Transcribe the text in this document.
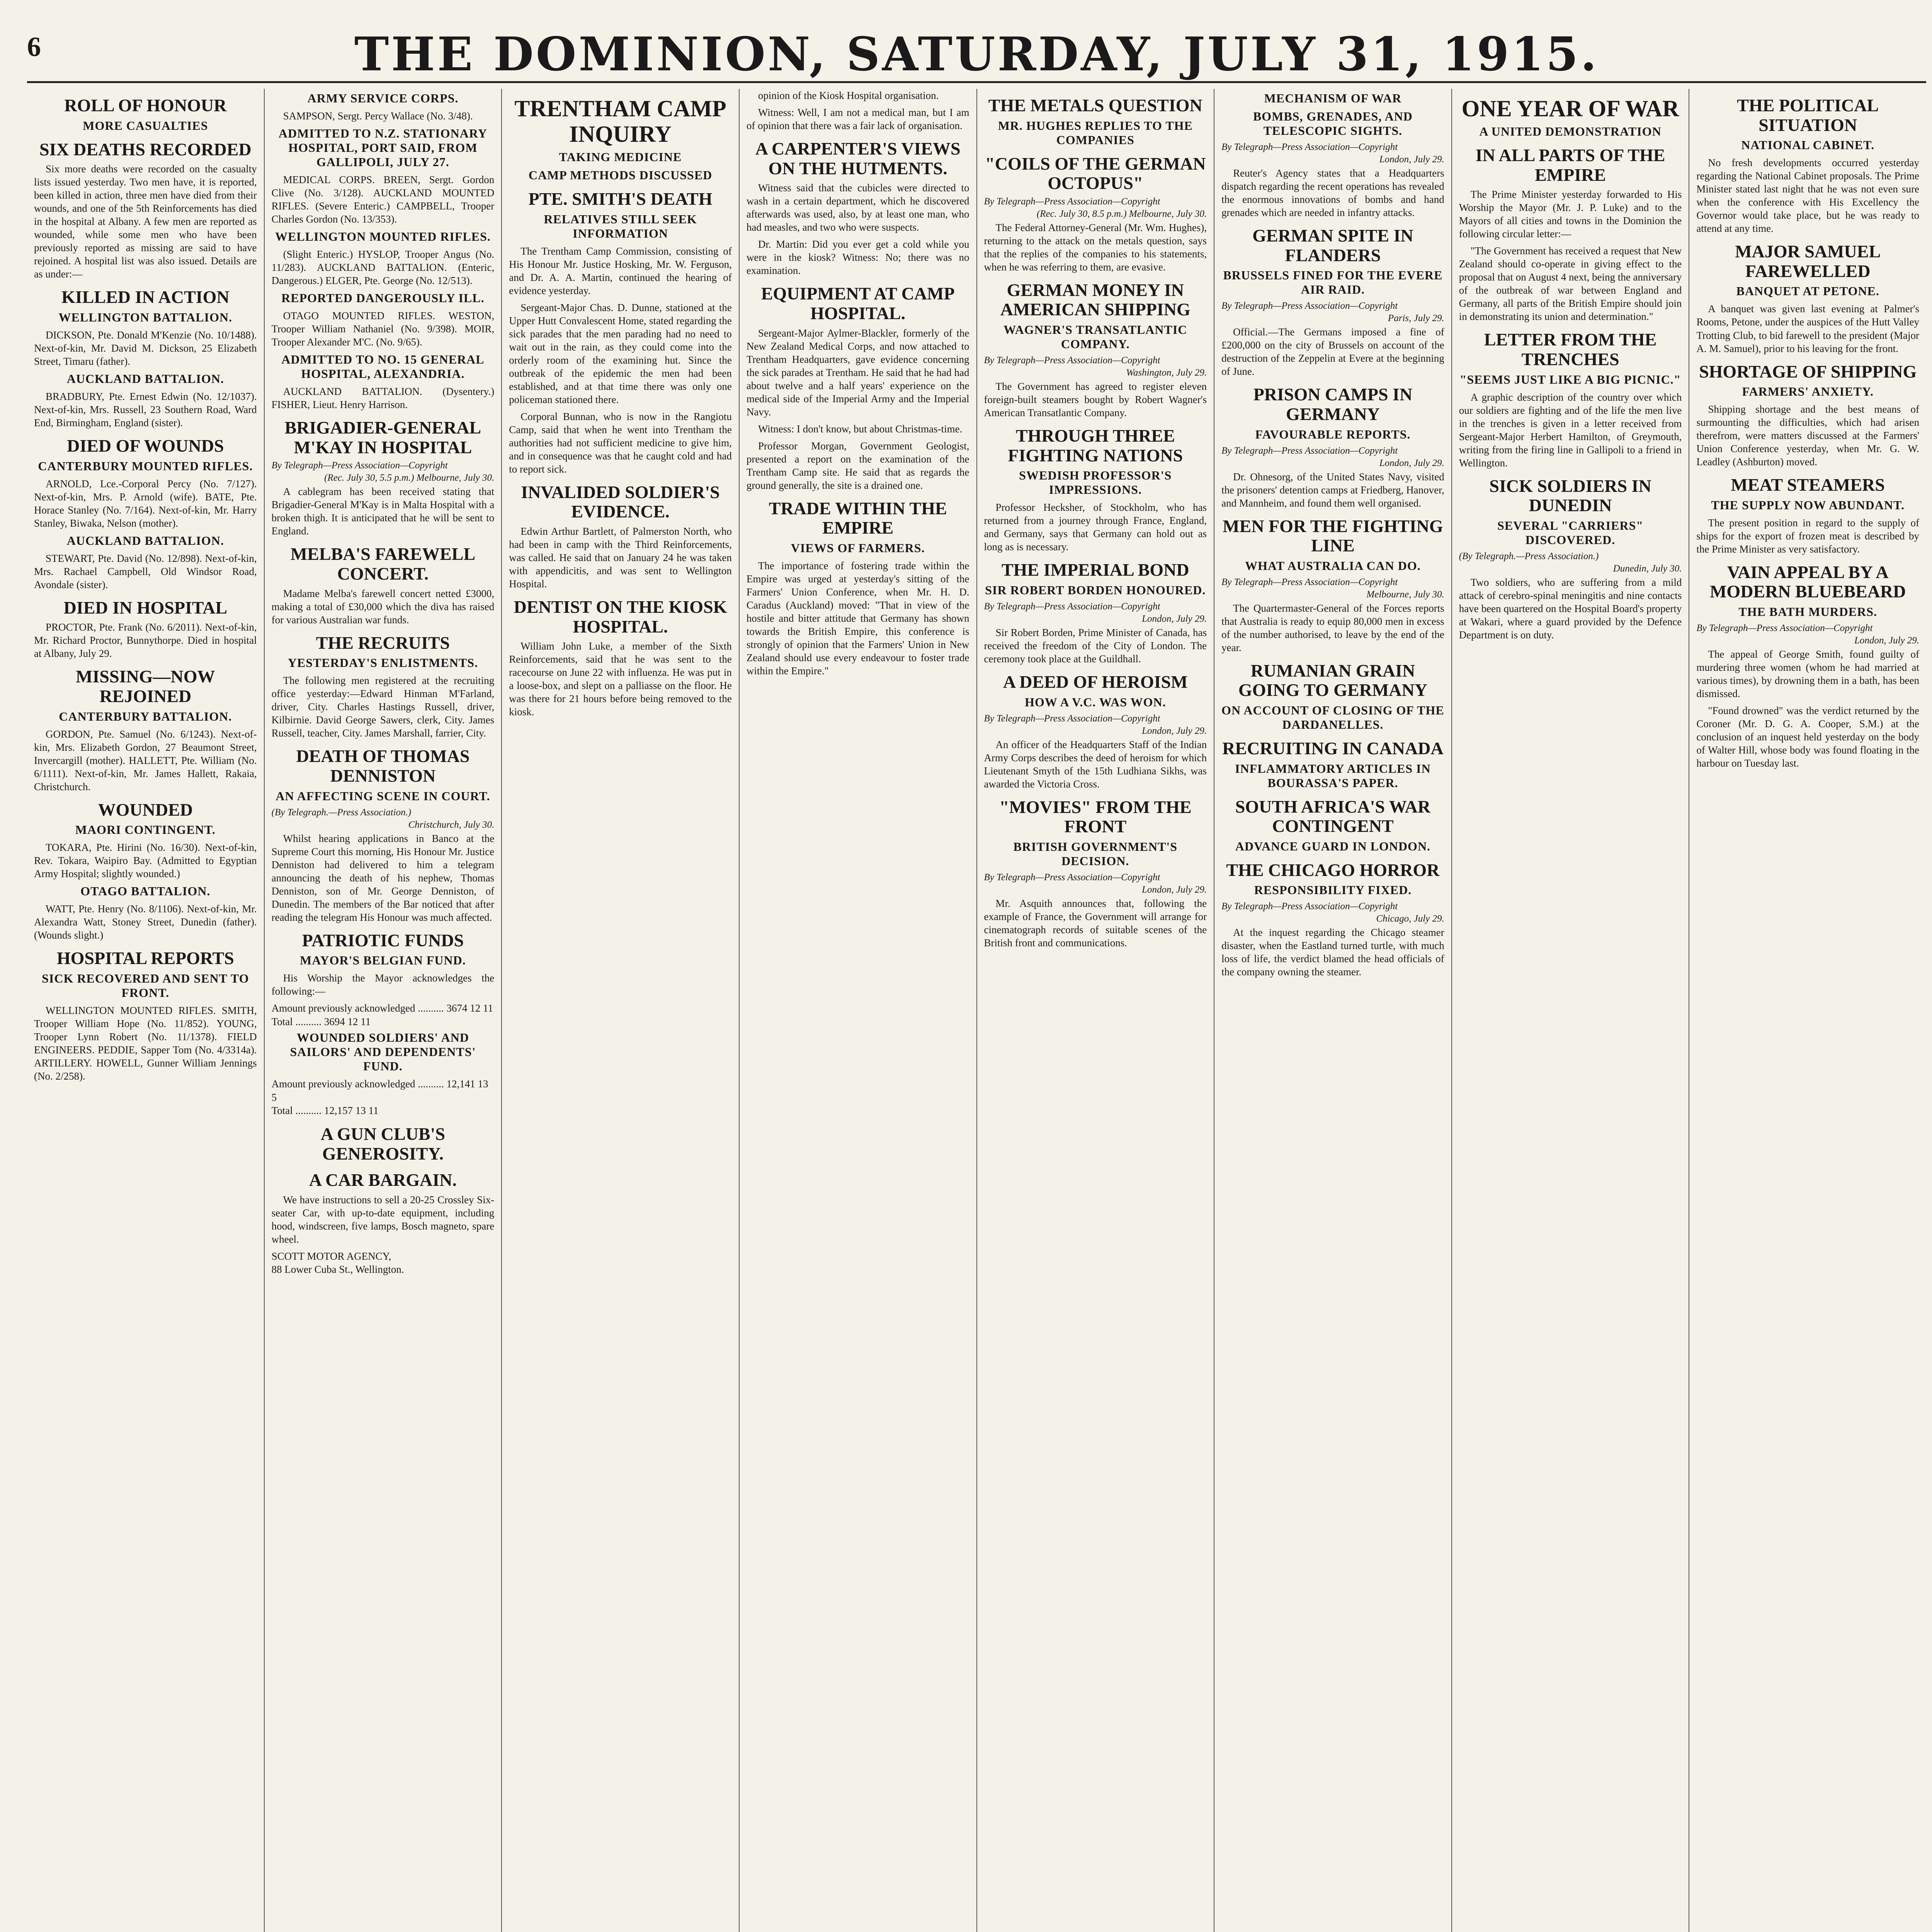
6	THE DOMINION, SATURDAY, JULY 31, 1915.
ROLL OF HONOUR
MORE CASUALTIES
SIX DEATHS RECORDED

Six more deaths were recorded on the casualty lists issued yesterday. Two men have, it is reported, been killed in action, three men have died from their wounds, and one of the 5th Reinforcements has died in the hospital at Albany. A few men are reported as wounded, while some men who have been previously reported as missing are said to have rejoined. A hospital list was also issued. Details are as under:—

KILLED IN ACTION
WELLINGTON BATTALION.

DICKSON, Pte. Donald M'Kenzie (No. 10/1488). Next-of-kin, Mr. David M. Dickson, 25 Elizabeth Street, Timaru (father).

AUCKLAND BATTALION.

BRADBURY, Pte. Ernest Edwin (No. 12/1037). Next-of-kin, Mrs. Russell, 23 Southern Road, Ward End, Birmingham, England (sister).

DIED OF WOUNDS
CANTERBURY MOUNTED RIFLES.

ARNOLD, Lce.-Corporal Percy (No. 7/127). Next-of-kin, Mrs. P. Arnold (wife). BATE, Pte. Horace Stanley (No. 7/164). Next-of-kin, Mr. Harry Stanley, Biwaka, Nelson (mother).

AUCKLAND BATTALION.

STEWART, Pte. David (No. 12/898). Next-of-kin, Mrs. Rachael Campbell, Old Windsor Road, Avondale (sister).

DIED IN HOSPITAL

PROCTOR, Pte. Frank (No. 6/2011). Next-of-kin, Mr. Richard Proctor, Bunnythorpe. Died in hospital at Albany, July 29.

MISSING—NOW REJOINED
CANTERBURY BATTALION.

GORDON, Pte. Samuel (No. 6/1243). Next-of-kin, Mrs. Elizabeth Gordon, 27 Beaumont Street, Invercargill (mother). HALLETT, Pte. William (No. 6/1111). Next-of-kin, Mr. James Hallett, Rakaia, Christchurch.

WOUNDED
MAORI CONTINGENT.

TOKARA, Pte. Hirini (No. 16/30). Next-of-kin, Rev. Tokara, Waipiro Bay. (Admitted to Egyptian Army Hospital; slightly wounded.)

OTAGO BATTALION.

WATT, Pte. Henry (No. 8/1106). Next-of-kin, Mr. Alexandra Watt, Stoney Street, Dunedin (father). (Wounds slight.)

HOSPITAL REPORTS
SICK RECOVERED AND SENT TO FRONT.

WELLINGTON MOUNTED RIFLES. SMITH, Trooper William Hope (No. 11/852). YOUNG, Trooper Lynn Robert (No. 11/1378). FIELD ENGINEERS. PEDDIE, Sapper Tom (No. 4/3314a). ARTILLERY. HOWELL, Gunner William Jennings (No. 2/258).

ARMY SERVICE CORPS.

SAMPSON, Sergt. Percy Wallace (No. 3/48).

ADMITTED TO N.Z. STATIONARY HOSPITAL, PORT SAID, FROM GALLIPOLI, JULY 27.

MEDICAL CORPS. BREEN, Sergt. Gordon Clive (No. 3/128). AUCKLAND MOUNTED RIFLES. (Severe Enteric.) CAMPBELL, Trooper Charles Gordon (No. 13/353).

WELLINGTON MOUNTED RIFLES.

(Slight Enteric.) HYSLOP, Trooper Angus (No. 11/283). AUCKLAND BATTALION. (Enteric, Dangerous.) ELGER, Pte. George (No. 12/513).

REPORTED DANGEROUSLY ILL.

OTAGO MOUNTED RIFLES. WESTON, Trooper William Nathaniel (No. 9/398). MOIR, Trooper Alexander M'C. (No. 9/65).

ADMITTED TO NO. 15 GENERAL HOSPITAL, ALEXANDRIA.

AUCKLAND BATTALION. (Dysentery.) FISHER, Lieut. Henry Harrison.

BRIGADIER-GENERAL M'KAY IN HOSPITAL
By Telegraph—Press Association—Copyright
(Rec. July 30, 5.5 p.m.) Melbourne, July 30.

A cablegram has been received stating that Brigadier-General M'Kay is in Malta Hospital with a broken thigh. It is anticipated that he will be sent to England.

MELBA'S FAREWELL CONCERT.

Madame Melba's farewell concert netted £3000, making a total of £30,000 which the diva has raised for various Australian war funds.

THE RECRUITS
YESTERDAY'S ENLISTMENTS.

The following men registered at the recruiting office yesterday:—Edward Hinman M'Farland, driver, City. Charles Hastings Russell, driver, Kilbirnie. David George Sawers, clerk, City. James Russell, teacher, City. James Marshall, farrier, City.

DEATH OF THOMAS DENNISTON
AN AFFECTING SCENE IN COURT.
(By Telegraph.—Press Association.)
Christchurch, July 30.

Whilst hearing applications in Banco at the Supreme Court this morning, His Honour Mr. Justice Denniston had delivered to him a telegram announcing the death of his nephew, Thomas Denniston, son of Mr. George Denniston, of Dunedin. The members of the Bar noticed that after reading the telegram His Honour was much affected.

PATRIOTIC FUNDS
MAYOR'S BELGIAN FUND.

His Worship the Mayor acknowledges the following:—

Amount previously acknowledged .......... 3674 12 11
Total .......... 3694 12 11
WOUNDED SOLDIERS' AND SAILORS' AND DEPENDENTS' FUND.
Amount previously acknowledged .......... 12,141 13 5
Total .......... 12,157 13 11
A GUN CLUB'S GENEROSITY.
A CAR BARGAIN.

We have instructions to sell a 20-25 Crossley Six-seater Car, with up-to-date equipment, including hood, windscreen, five lamps, Bosch magneto, spare wheel.

SCOTT MOTOR AGENCY,
88 Lower Cuba St., Wellington.
TRENTHAM CAMP INQUIRY
TAKING MEDICINE
CAMP METHODS DISCUSSED
PTE. SMITH'S DEATH
RELATIVES STILL SEEK INFORMATION

The Trentham Camp Commission, consisting of His Honour Mr. Justice Hosking, Mr. W. Ferguson, and Dr. A. A. Martin, continued the hearing of evidence yesterday.

Sergeant-Major Chas. D. Dunne, stationed at the Upper Hutt Convalescent Home, stated regarding the sick parades that the men parading had no need to wait out in the rain, as they could come into the orderly room of the examining hut. Since the outbreak of the epidemic the men had been established, and at that time there was only one policeman stationed there.

Corporal Bunnan, who is now in the Rangiotu Camp, said that when he went into Trentham the authorities had not sufficient medicine to give him, and in consequence was that he caught cold and had to report sick.

INVALIDED SOLDIER'S EVIDENCE.

Edwin Arthur Bartlett, of Palmerston North, who had been in camp with the Third Reinforcements, was called. He said that on January 24 he was taken with appendicitis, and was sent to Wellington Hospital.

DENTIST ON THE KIOSK HOSPITAL.

William John Luke, a member of the Sixth Reinforcements, said that he was sent to the racecourse on June 22 with influenza. He was put in a loose-box, and slept on a palliasse on the floor. He was there for 21 hours before being removed to the kiosk.

opinion of the Kiosk Hospital organisation.

Witness: Well, I am not a medical man, but I am of opinion that there was a fair lack of organisation.

A CARPENTER'S VIEWS ON THE HUTMENTS.

Witness said that the cubicles were directed to wash in a certain department, which he discovered afterwards was used, also, by at least one man, who had measles, and two who were suspects.

Dr. Martin: Did you ever get a cold while you were in the kiosk? Witness: No; there was no examination.

EQUIPMENT AT CAMP HOSPITAL.

Sergeant-Major Aylmer-Blackler, formerly of the New Zealand Medical Corps, and now attached to Trentham Headquarters, gave evidence concerning the sick parades at Trentham. He said that he had had about twelve and a half years' experience on the medical side of the Imperial Army and the Imperial Navy.

Witness: I don't know, but about Christmas-time.

Professor Morgan, Government Geologist, presented a report on the examination of the Trentham Camp site. He said that as regards the ground generally, the site is a drained one.

TRADE WITHIN THE EMPIRE
VIEWS OF FARMERS.

The importance of fostering trade within the Empire was urged at yesterday's sitting of the Farmers' Union Conference, when Mr. H. D. Caradus (Auckland) moved: "That in view of the hostile and bitter attitude that Germany has shown towards the British Empire, this conference is strongly of opinion that the Farmers' Union in New Zealand should use every endeavour to foster trade within the Empire."

THE METALS QUESTION
MR. HUGHES REPLIES TO THE COMPANIES
"COILS OF THE GERMAN OCTOPUS"
By Telegraph—Press Association—Copyright
(Rec. July 30, 8.5 p.m.) Melbourne, July 30.

The Federal Attorney-General (Mr. Wm. Hughes), returning to the attack on the metals question, says that the replies of the companies to his statements, when he was referring to them, are evasive.

GERMAN MONEY IN AMERICAN SHIPPING
WAGNER'S TRANSATLANTIC COMPANY.
By Telegraph—Press Association—Copyright
Washington, July 29.

The Government has agreed to register eleven foreign-built steamers bought by Robert Wagner's American Transatlantic Company.

THROUGH THREE FIGHTING NATIONS
SWEDISH PROFESSOR'S IMPRESSIONS.

Professor Hecksher, of Stockholm, who has returned from a journey through France, England, and Germany, says that Germany can hold out as long as is necessary.

THE IMPERIAL BOND
SIR ROBERT BORDEN HONOURED.
By Telegraph—Press Association—Copyright
London, July 29.

Sir Robert Borden, Prime Minister of Canada, has received the freedom of the City of London. The ceremony took place at the Guildhall.

A DEED OF HEROISM
HOW A V.C. WAS WON.
By Telegraph—Press Association—Copyright
London, July 29.

An officer of the Headquarters Staff of the Indian Army Corps describes the deed of heroism for which Lieutenant Smyth of the 15th Ludhiana Sikhs, was awarded the Victoria Cross.

"MOVIES" FROM THE FRONT
BRITISH GOVERNMENT'S DECISION.
By Telegraph—Press Association—Copyright
London, July 29.

Mr. Asquith announces that, following the example of France, the Government will arrange for cinematograph records of suitable scenes of the British front and communications.

MECHANISM OF WAR
BOMBS, GRENADES, AND TELESCOPIC SIGHTS.
By Telegraph—Press Association—Copyright
London, July 29.

Reuter's Agency states that a Headquarters dispatch regarding the recent operations has revealed the enormous innovations of bombs and hand grenades which are needed in infantry attacks.

GERMAN SPITE IN FLANDERS
BRUSSELS FINED FOR THE EVERE AIR RAID.
By Telegraph—Press Association—Copyright
Paris, July 29.

Official.—The Germans imposed a fine of £200,000 on the city of Brussels on account of the destruction of the Zeppelin at Evere at the beginning of June.

PRISON CAMPS IN GERMANY
FAVOURABLE REPORTS.
By Telegraph—Press Association—Copyright
London, July 29.

Dr. Ohnesorg, of the United States Navy, visited the prisoners' detention camps at Friedberg, Hanover, and Mannheim, and found them well organised.

MEN FOR THE FIGHTING LINE
WHAT AUSTRALIA CAN DO.
By Telegraph—Press Association—Copyright
Melbourne, July 30.

The Quartermaster-General of the Forces reports that Australia is ready to equip 80,000 men in excess of the number authorised, to leave by the end of the year.

RUMANIAN GRAIN GOING TO GERMANY
ON ACCOUNT OF CLOSING OF THE DARDANELLES.
RECRUITING IN CANADA
INFLAMMATORY ARTICLES IN BOURASSA'S PAPER.
SOUTH AFRICA'S WAR CONTINGENT
ADVANCE GUARD IN LONDON.
THE CHICAGO HORROR
RESPONSIBILITY FIXED.
By Telegraph—Press Association—Copyright
Chicago, July 29.

At the inquest regarding the Chicago steamer disaster, when the Eastland turned turtle, with much loss of life, the verdict blamed the head officials of the company owning the steamer.

ONE YEAR OF WAR
A UNITED DEMONSTRATION
IN ALL PARTS OF THE EMPIRE

The Prime Minister yesterday forwarded to His Worship the Mayor (Mr. J. P. Luke) and to the Mayors of all cities and towns in the Dominion the following circular letter:—

"The Government has received a request that New Zealand should co-operate in giving effect to the proposal that on August 4 next, being the anniversary of the outbreak of war between England and Germany, all parts of the British Empire should join in demonstrating its union and determination."

LETTER FROM THE TRENCHES
"SEEMS JUST LIKE A BIG PICNIC."

A graphic description of the country over which our soldiers are fighting and of the life the men live in the trenches is given in a letter received from Sergeant-Major Herbert Hamilton, of Greymouth, writing from the firing line in Gallipoli to a friend in Wellington.

SICK SOLDIERS IN DUNEDIN
SEVERAL "CARRIERS" DISCOVERED.
(By Telegraph.—Press Association.)
Dunedin, July 30.

Two soldiers, who are suffering from a mild attack of cerebro-spinal meningitis and nine contacts have been quartered on the Hospital Board's property at Wakari, where a guard provided by the Defence Department is on duty.

THE POLITICAL SITUATION
NATIONAL CABINET.

No fresh developments occurred yesterday regarding the National Cabinet proposals. The Prime Minister stated last night that he was not even sure when the conference with His Excellency the Governor would take place, but he was ready to attend at any time.

MAJOR SAMUEL FAREWELLED
BANQUET AT PETONE.

A banquet was given last evening at Palmer's Rooms, Petone, under the auspices of the Hutt Valley Trotting Club, to bid farewell to the president (Major A. M. Samuel), prior to his leaving for the front.

SHORTAGE OF SHIPPING
FARMERS' ANXIETY.

Shipping shortage and the best means of surmounting the difficulties, which had arisen therefrom, were matters discussed at the Farmers' Union Conference yesterday, when Mr. G. W. Leadley (Ashburton) moved.

MEAT STEAMERS
THE SUPPLY NOW ABUNDANT.

The present position in regard to the supply of ships for the export of frozen meat is described by the Prime Minister as very satisfactory.

VAIN APPEAL BY A MODERN BLUEBEARD
THE BATH MURDERS.
By Telegraph—Press Association—Copyright
London, July 29.

The appeal of George Smith, found guilty of murdering three women (whom he had married at various times), by drowning them in a bath, has been dismissed.

"Found drowned" was the verdict returned by the Coroner (Mr. D. G. A. Cooper, S.M.) at the conclusion of an inquest held yesterday on the body of Walter Hill, whose body was found floating in the harbour on Tuesday last.
